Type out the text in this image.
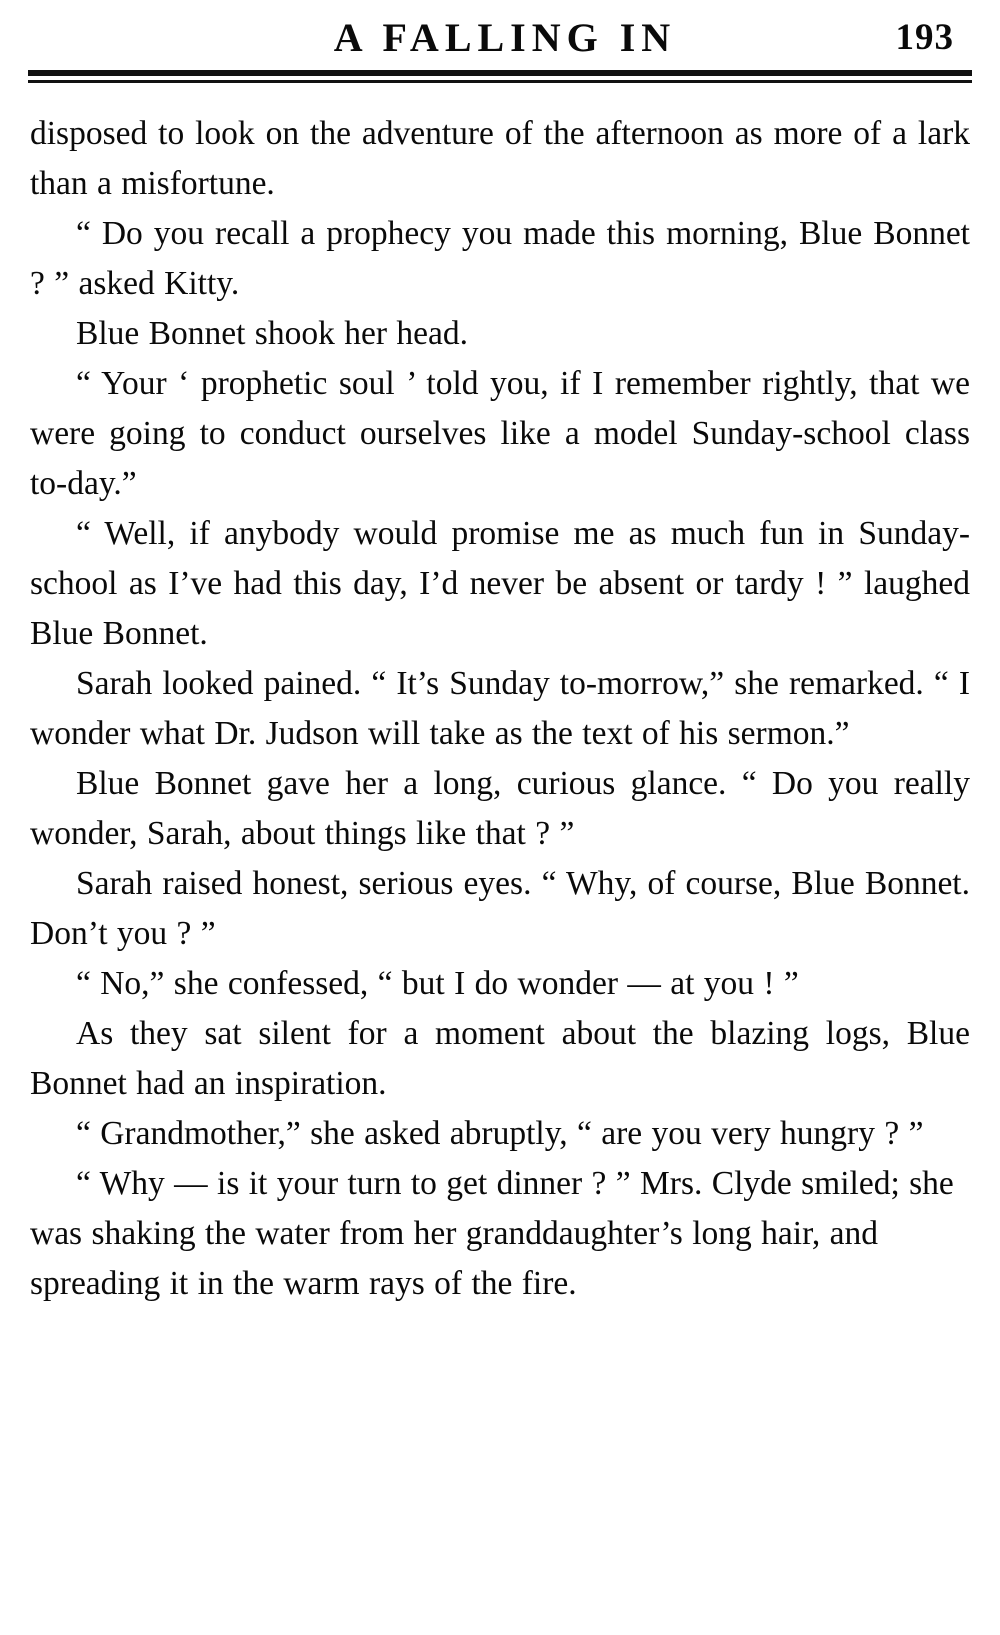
A FALLING IN	193

disposed to look on the adventure of the afternoon as more of a lark than a misfortune.

“ Do you recall a prophecy you made this morning, Blue Bonnet ? ” asked Kitty.

Blue Bonnet shook her head.

“ Your ‘ prophetic soul ’ told you, if I remember rightly, that we were going to conduct ourselves like a model Sunday-school class to-day.”

“ Well, if anybody would promise me as much fun in Sunday-school as I’ve had this day, I’d never be absent or tardy ! ” laughed Blue Bonnet.

Sarah looked pained. “ It’s Sunday to-morrow,” she remarked. “ I wonder what Dr. Judson will take as the text of his sermon.”

Blue Bonnet gave her a long, curious glance. “ Do you really wonder, Sarah, about things like that ? ”

Sarah raised honest, serious eyes. “ Why, of course, Blue Bonnet. Don’t you ? ”

“ No,” she confessed, “ but I do wonder — at you ! ”

As they sat silent for a moment about the blazing logs, Blue Bonnet had an inspiration.

“ Grandmother,” she asked abruptly, “ are you very hungry ? ”

“ Why — is it your turn to get dinner ? ” Mrs. Clyde smiled; she was shaking the water from her granddaughter’s long hair, and spreading it in the warm rays of the fire.
